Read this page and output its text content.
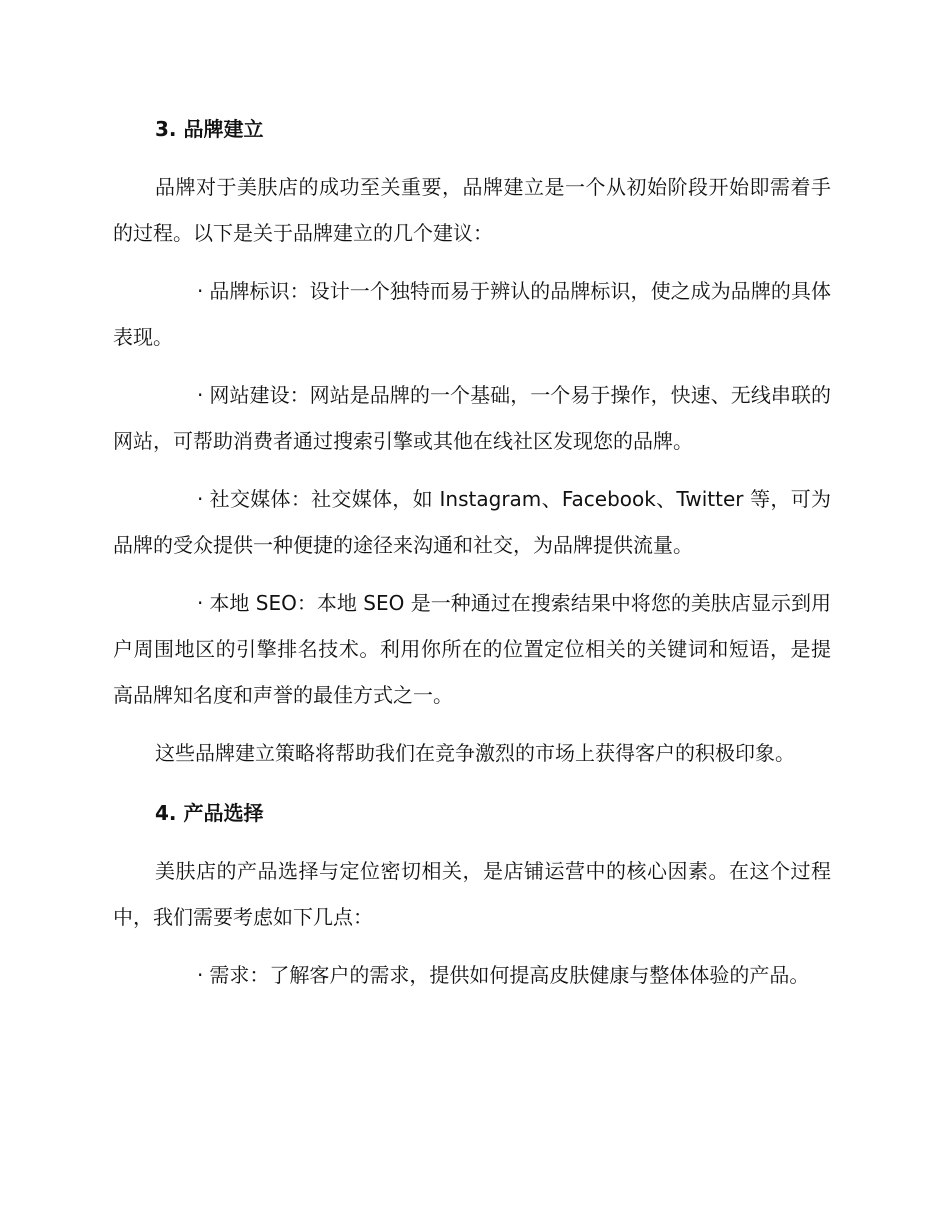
3. 品牌建立

品牌对于美肤店的成功至关重要，品牌建立是一个从初始阶段开始即需着手的过程。以下是关于品牌建立的几个建议：

· 品牌标识：设计一个独特而易于辨认的品牌标识，使之成为品牌的具体表现。

· 网站建设：网站是品牌的一个基础，一个易于操作，快速、无线串联的网站，可帮助消费者通过搜索引擎或其他在线社区发现您的品牌。

· 社交媒体：社交媒体，如 Instagram、Facebook、Twitter 等，可为品牌的受众提供一种便捷的途径来沟通和社交，为品牌提供流量。

· 本地 SEO：本地 SEO 是一种通过在搜索结果中将您的美肤店显示到用户周围地区的引擎排名技术。利用你所在的位置定位相关的关键词和短语，是提高品牌知名度和声誉的最佳方式之一。

这些品牌建立策略将帮助我们在竞争激烈的市场上获得客户的积极印象。

4. 产品选择

美肤店的产品选择与定位密切相关，是店铺运营中的核心因素。在这个过程中，我们需要考虑如下几点：

· 需求：了解客户的需求，提供如何提高皮肤健康与整体体验的产品。
